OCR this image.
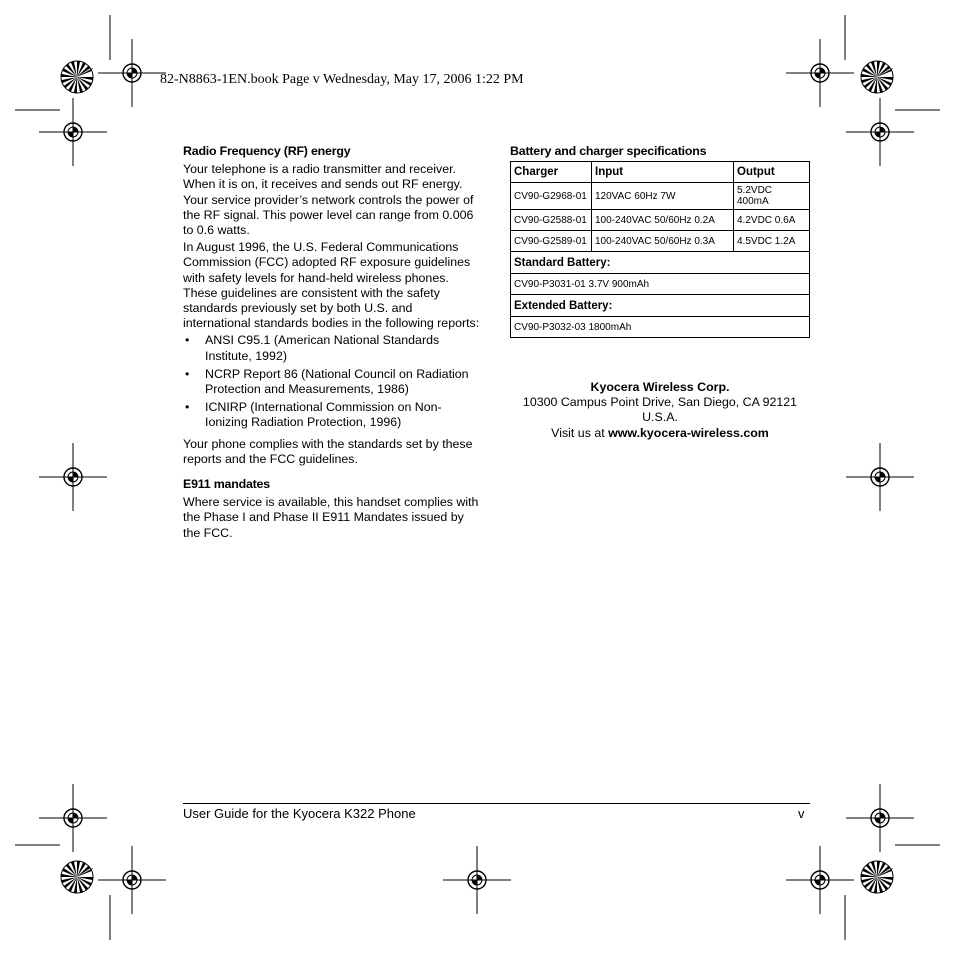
82-N8863-1EN.book Page v Wednesday, May 17, 2006 1:22 PM
Radio Frequency (RF) energy

Your telephone is a radio transmitter and receiver. When it is on, it receives and sends out RF energy. Your service provider’s network controls the power of the RF signal. This power level can range from 0.006 to 0.6 watts.

In August 1996, the U.S. Federal Communications Commission (FCC) adopted RF exposure guidelines with safety levels for hand-held wireless phones. These guidelines are consistent with the safety standards previously set by both U.S. and international standards bodies in the following reports:

• ANSI C95.1 (American National Standards Institute, 1992)
• NCRP Report 86 (National Council on Radiation Protection and Measurements, 1986)
• ICNIRP (International Commission on Non-Ionizing Radiation Protection, 1996)

Your phone complies with the standards set by these reports and the FCC guidelines.

E911 mandates

Where service is available, this handset complies with the Phase I and Phase II E911 Mandates issued by the FCC.

Battery and charger specifications
Charger	Input	Output
CV90-G2968-01	120VAC 60Hz 7W	5.2VDC 400mA
CV90-G2588-01	100-240VAC 50/60Hz 0.2A	4.2VDC 0.6A
CV90-G2589-01	100-240VAC 50/60Hz 0.3A	4.5VDC 1.2A
Standard Battery:		
CV90-P3031-01 3.7V 900mAh		
Extended Battery:		
CV90-P3032-03 1800mAh		
Kyocera Wireless Corp.
10300 Campus Point Drive, San Diego, CA 92121
U.S.A.
Visit us at www.kyocera-wireless.com
User Guide for the Kyocera K322 Phone	v
